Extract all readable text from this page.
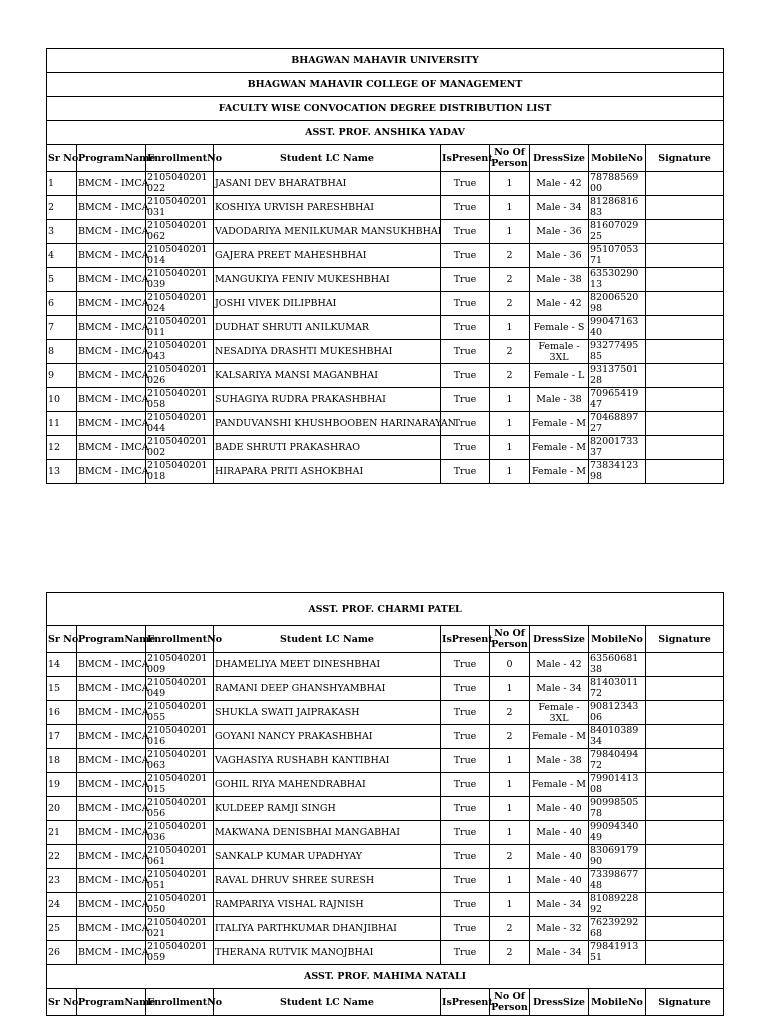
BHAGWAN MAHAVIR UNIVERSITY								
BHAGWAN MAHAVIR COLLEGE OF MANAGEMENT								
FACULTY WISE CONVOCATION DEGREE DISTRIBUTION LIST								
ASST. PROF. ANSHIKA YADAV								
Sr No.	ProgramName	EnrollmentNo	Student LC Name	IsPresent	No Of Person	DressSize	MobileNo	Signature
1	BMCM - IMCA	2105040201022	JASANI DEV BHARATBHAI	True	1	Male - 42	7878856900	
2	BMCM - IMCA	2105040201031	KOSHIYA URVISH PARESHBHAI	True	1	Male - 34	8128681683	
3	BMCM - IMCA	2105040201062	VADODARIYA MENILKUMAR MANSUKHBHAI	True	1	Male - 36	8160702925	
4	BMCM - IMCA	2105040201014	GAJERA PREET MAHESHBHAI	True	2	Male - 36	9510705371	
5	BMCM - IMCA	2105040201039	MANGUKIYA FENIV MUKESHBHAI	True	2	Male - 38	6353029013	
6	BMCM - IMCA	2105040201024	JOSHI VIVEK DILIPBHAI	True	2	Male - 42	8200652098	
7	BMCM - IMCA	2105040201011	DUDHAT SHRUTI ANILKUMAR	True	1	Female - S	9904716340	
8	BMCM - IMCA	2105040201043	NESADIYA DRASHTI MUKESHBHAI	True	2	Female - 3XL	9327749585	
9	BMCM - IMCA	2105040201026	KALSARIYA MANSI MAGANBHAI	True	2	Female - L	9313750128	
10	BMCM - IMCA	2105040201058	SUHAGIYA RUDRA PRAKASHBHAI	True	1	Male - 38	7096541947	
11	BMCM - IMCA	2105040201044	PANDUVANSHI KHUSHBOOBEN HARINARAYAN	True	1	Female - M	7046889727	
12	BMCM - IMCA	2105040201002	BADE SHRUTI PRAKASHRAO	True	1	Female - M	8200173337	
13	BMCM - IMCA	2105040201018	HIRAPARA PRITI ASHOKBHAI	True	1	Female - M	7383412398	
ASST. PROF. CHARMI PATEL								
Sr No.	ProgramName	EnrollmentNo	Student LC Name	IsPresent	No Of Person	DressSize	MobileNo	Signature
14	BMCM - IMCA	2105040201009	DHAMELIYA MEET DINESHBHAI	True	0	Male - 42	6356068138	
15	BMCM - IMCA	2105040201049	RAMANI DEEP GHANSHYAMBHAI	True	1	Male - 34	8140301172	
16	BMCM - IMCA	2105040201055	SHUKLA SWATI JAIPRAKASH	True	2	Female - 3XL	9081234306	
17	BMCM - IMCA	2105040201016	GOYANI NANCY PRAKASHBHAI	True	2	Female - M	8401038934	
18	BMCM - IMCA	2105040201063	VAGHASIYA RUSHABH KANTIBHAI	True	1	Male - 38	7984049472	
19	BMCM - IMCA	2105040201015	GOHIL RIYA MAHENDRABHAI	True	1	Female - M	7990141308	
20	BMCM - IMCA	2105040201056	KULDEEP RAMJI SINGH	True	1	Male - 40	9099850578	
21	BMCM - IMCA	2105040201036	MAKWANA DENISBHAI MANGABHAI	True	1	Male - 40	9909434049	
22	BMCM - IMCA	2105040201061	SANKALP KUMAR UPADHYAY	True	2	Male - 40	8306917990	
23	BMCM - IMCA	2105040201051	RAVAL DHRUV SHREE SURESH	True	1	Male - 40	7339867748	
24	BMCM - IMCA	2105040201050	RAMPARIYA VISHAL RAJNISH	True	1	Male - 34	8108922892	
25	BMCM - IMCA	2105040201021	ITALIYA PARTHKUMAR DHANJIBHAI	True	2	Male - 32	7623929268	
26	BMCM - IMCA	2105040201059	THERANA RUTVIK MANOJBHAI	True	2	Male - 34	7984191351	
ASST. PROF. MAHIMA NATALI								
Sr No.	ProgramName	EnrollmentNo	Student LC Name	IsPresent	No Of Person	DressSize	MobileNo	Signature
